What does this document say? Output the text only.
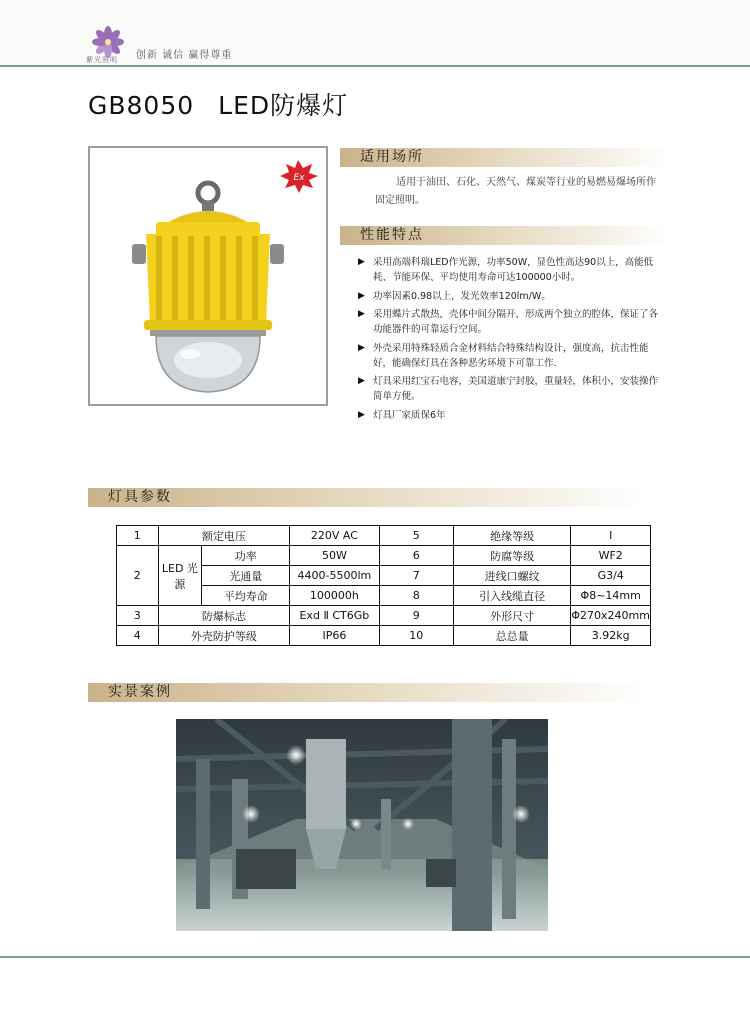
紫光照明 创新 诚信 赢得尊重
GB8050 LED防爆灯
Ex
适用场所
适用于油田、石化、天然气、煤炭等行业的易燃易爆场所作固定照明。
性能特点
▶ 采用高端科瑞LED作光源，功率50W，显色性高达90以上，高能低耗、节能环保、平均使用寿命可达100000小时。
▶ 功率因素0.98以上，发光效率120lm/W。
▶ 采用蝶片式散热，壳体中间分隔开，形成两个独立的腔体，保证了各功能器件的可靠运行空间。
▶ 外壳采用特殊轻质合金材料结合特殊结构设计，强度高，抗击性能好，能确保灯具在各种恶劣环境下可靠工作.
▶ 灯具采用红宝石电容，美国道康宁封胶，重量轻，体积小，安装操作简单方便。
▶ 灯具厂家质保6年
灯具参数
1	额定电压		220V AC	5	绝缘等级	Ⅰ
2	LED 光源	功率	50W	6	防腐等级	WF2
		光通量	4400-5500lm	7	进线口螺纹	G3/4
		平均寿命	100000h	8	引入线缆直径	Φ8~14mm
3	防爆标志		Exd Ⅱ CT6Gb	9	外形尺寸	Φ270x240mm
4	外壳防护等级		IP66	10	总总量	3.92kg
实景案例
